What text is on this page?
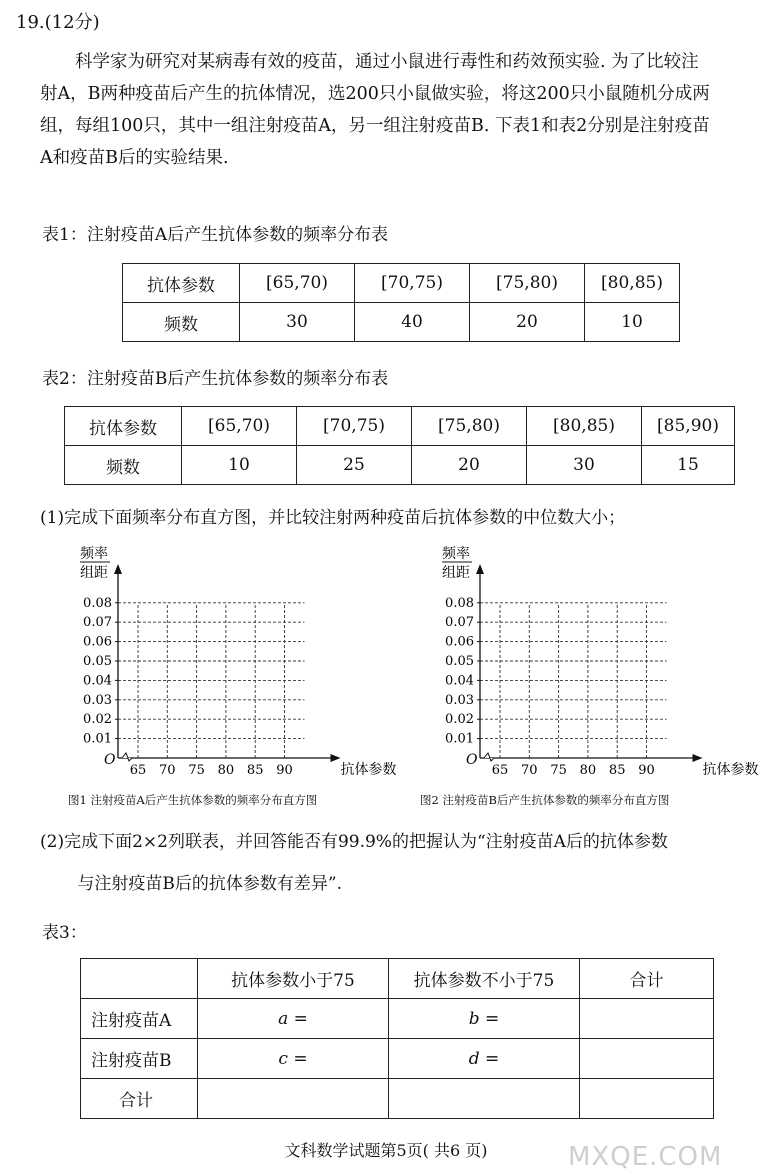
19.(12分)
科学家为研究对某病毒有效的疫苗，通过小鼠进行毒性和药效预实验. 为了比较注
射A，B两种疫苗后产生的抗体情况，选200只小鼠做实验，将这200只小鼠随机分成两
组，每组100只，其中一组注射疫苗A，另一组注射疫苗B. 下表1和表2分别是注射疫苗
A和疫苗B后的实验结果.
表1：注射疫苗A后产生抗体参数的频率分布表
抗体参数	[65,70)	[70,75)	[75,80)	[80,85)
频数	30	40	20	10
表2：注射疫苗B后产生抗体参数的频率分布表
抗体参数	[65,70)	[70,75)	[75,80)	[80,85)	[85,90)
频数	10	25	20	30	15
(1)完成下面频率分布直方图，并比较注射两种疫苗后抗体参数的中位数大小；
0.01
0.02
0.03
0.04
0.05
0.06
0.07
0.08
65 70 75 80 85 90
O
频率
组距
抗体参数
0.01
0.02
0.03
0.04
0.05
0.06
0.07
0.08
65 70 75 80 85 90
O
频率
组距
抗体参数
图1 注射疫苗A后产生抗体参数的频率分布直方图	图2 注射疫苗B后产生抗体参数的频率分布直方图
(2)完成下面2×2列联表，并回答能否有99.9%的把握认为“注射疫苗A后的抗体参数
与注射疫苗B后的抗体参数有差异”.
表3：
	抗体参数小于75	抗体参数不小于75	合计
注射疫苗A	a =	b =	
注射疫苗B	c =	d =	
合计			
文科数学试题第5页( 共6 页)	MXQE.COM
